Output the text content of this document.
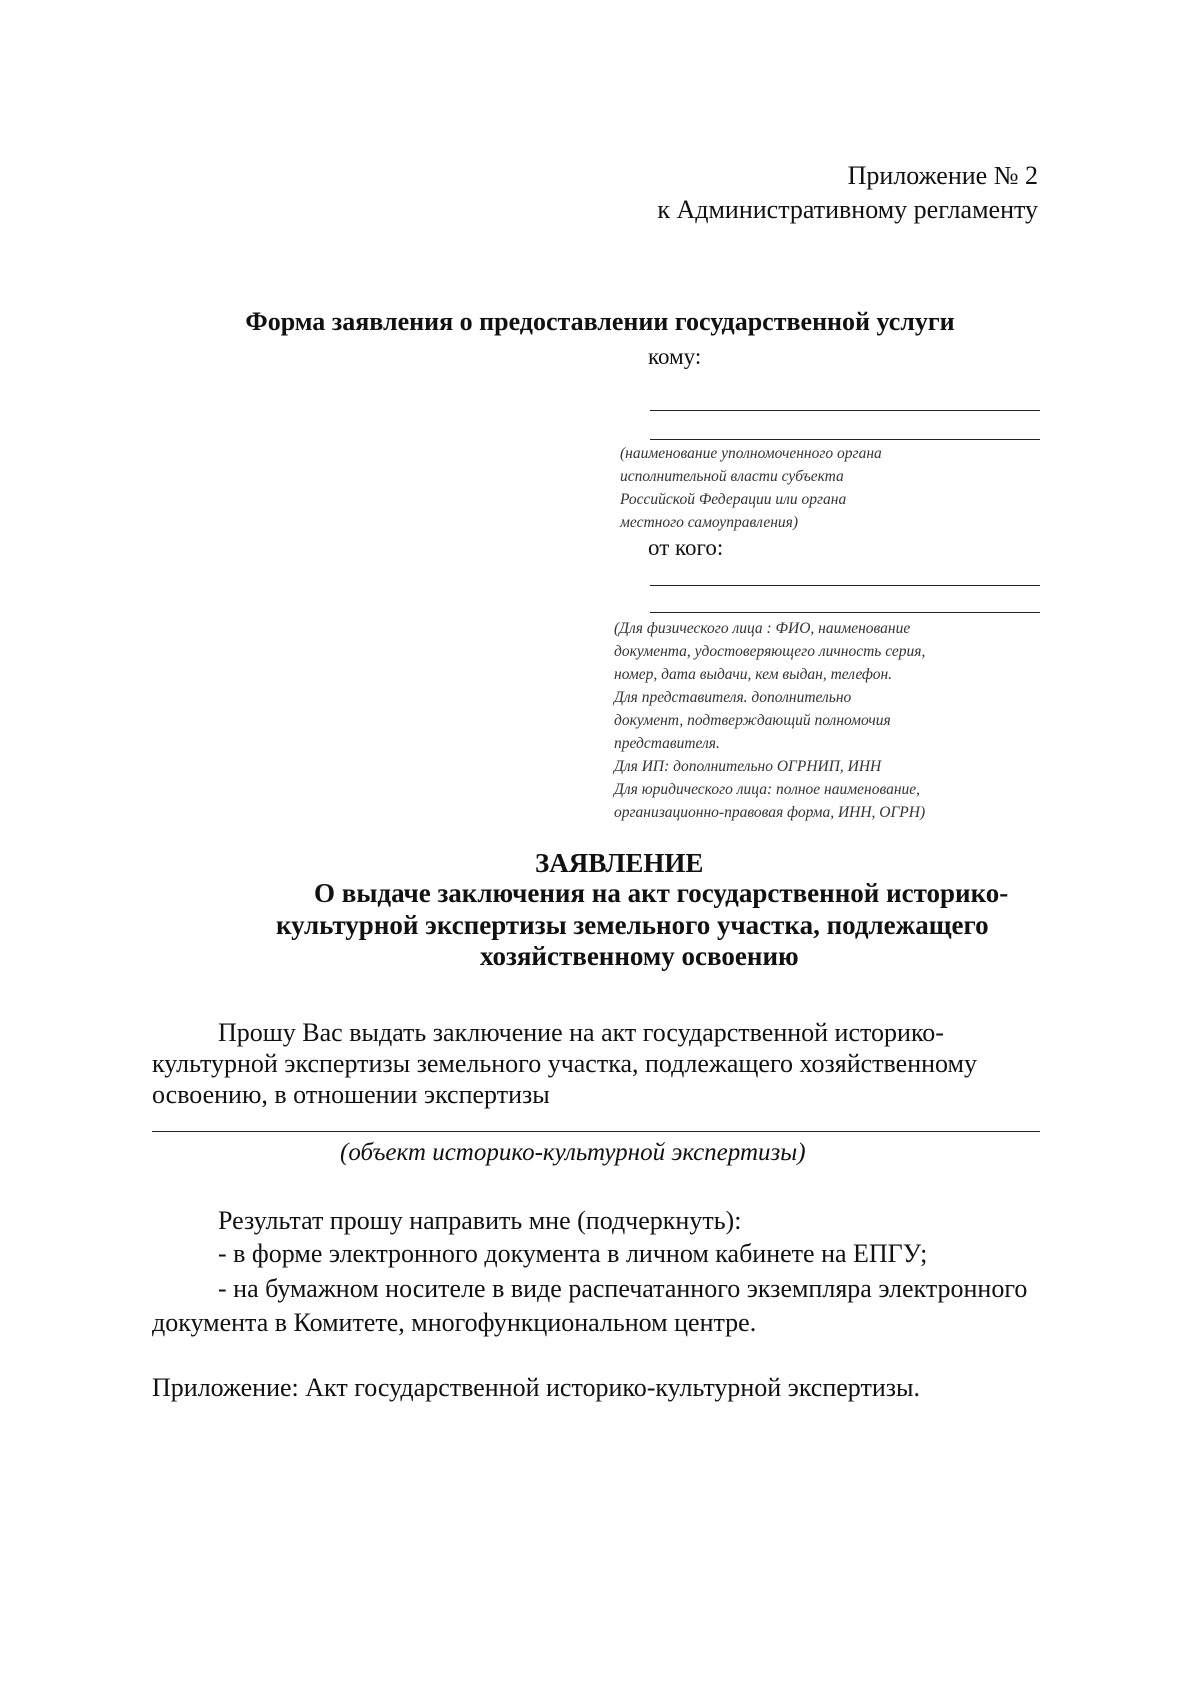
Приложение № 2
к Административному регламенту
Форма заявления о предоставлении государственной услуги
кому:
(наименование уполномоченного органа
исполнительной власти субъекта
Российской Федерации или органа
местного самоуправления)
от кого:
(Для физического лица : ФИО, наименование
документа, удостоверяющего личность серия,
номер, дата выдачи, кем выдан, телефон.
Для представителя. дополнительно
документ, подтверждающий полномочия
представителя.
Для ИП: дополнительно ОГРНИП, ИНН
Для юридического лица: полное наименование,
организационно-правовая форма, ИНН, ОГРН)
ЗАЯВЛЕНИЕ
О выдаче заключения на акт государственной историко-
культурной экспертизы земельного участка, подлежащего
хозяйственному освоению
Прошу Вас выдать заключение на акт государственной историко-
культурной экспертизы земельного участка, подлежащего хозяйственному
освоению, в отношении экспертизы
(объект историко-культурной экспертизы)
Результат прошу направить мне (подчеркнуть):
- в форме электронного документа в личном кабинете на ЕПГУ;
- на бумажном носителе в виде распечатанного экземпляра электронного
документа в Комитете, многофункциональном центре.
Приложение: Акт государственной историко-культурной экспертизы.
